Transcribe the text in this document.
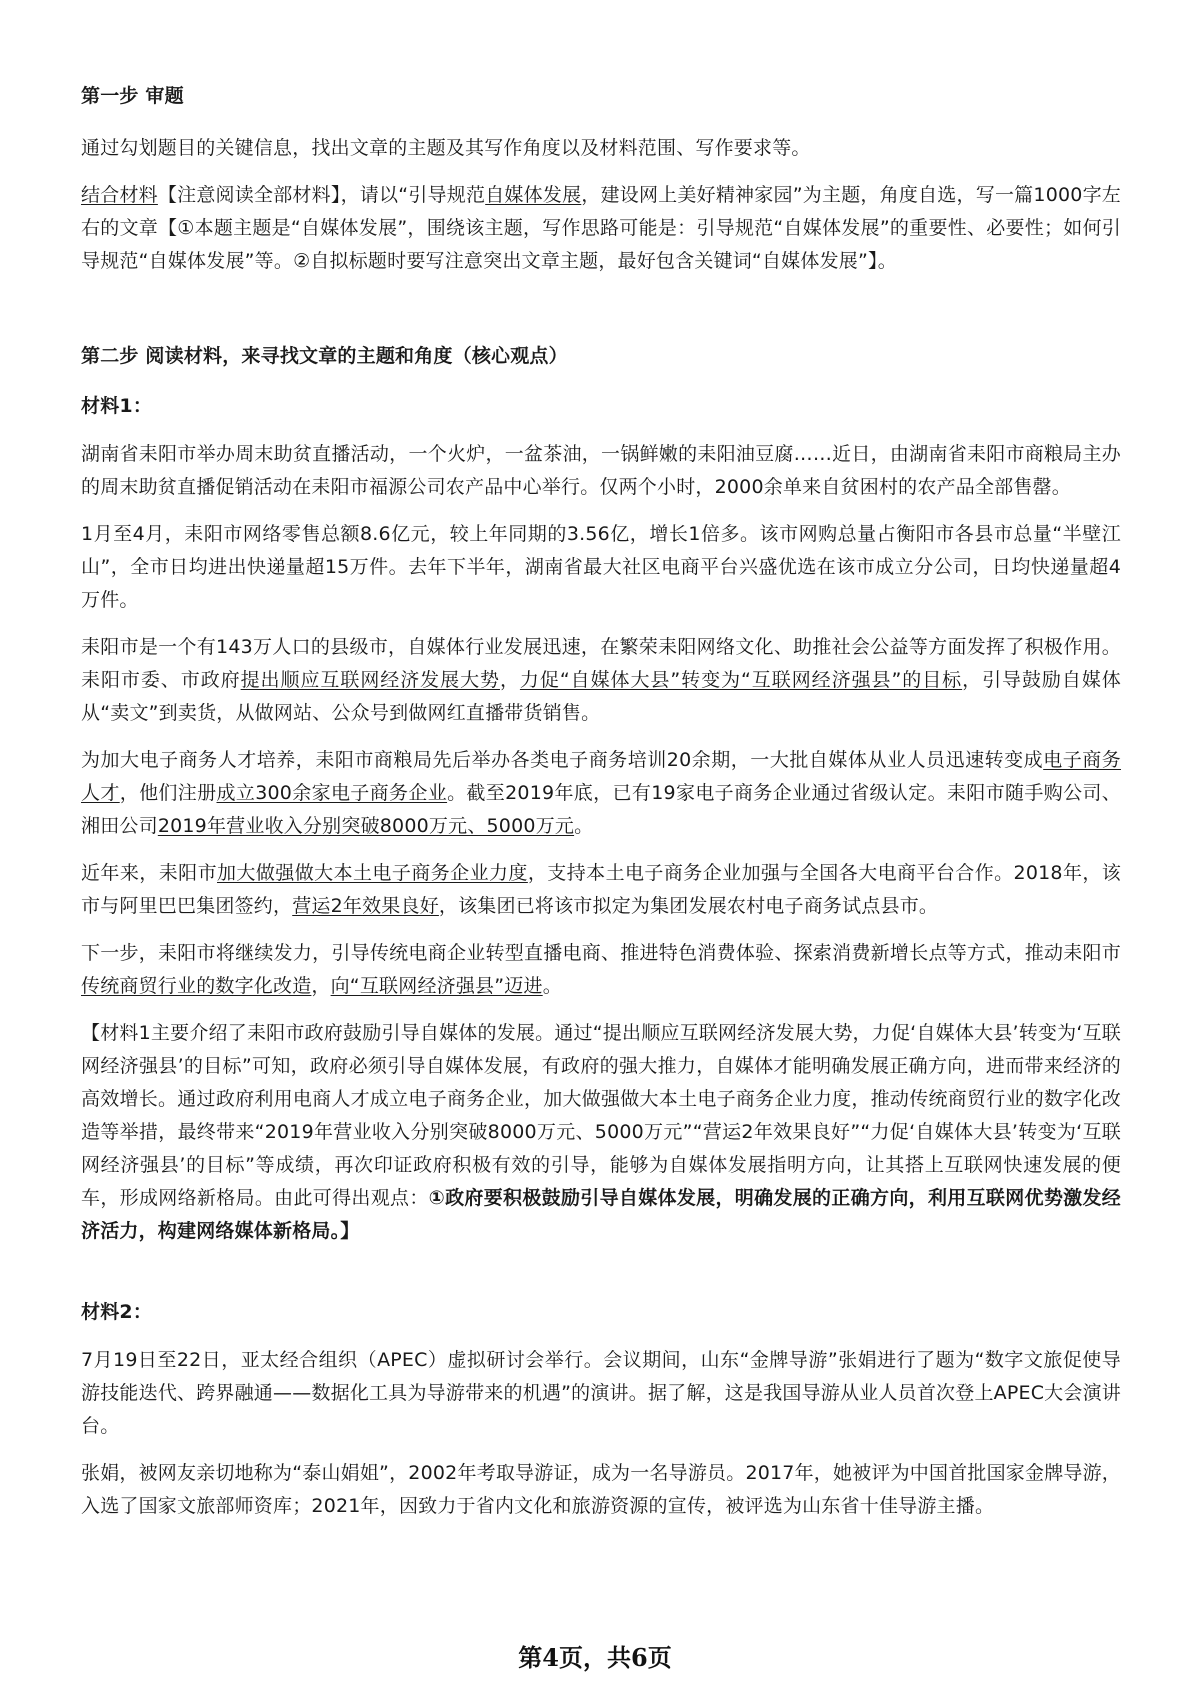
第一步 审题

通过勾划题目的关键信息，找出文章的主题及其写作角度以及材料范围、写作要求等。

结合材料【注意阅读全部材料】，请以“引导规范自媒体发展，建设网上美好精神家园”为主题，角度自选，写一篇1000字左右的文章【①本题主题是“自媒体发展”，围绕该主题，写作思路可能是：引导规范“自媒体发展”的重要性、必要性；如何引导规范“自媒体发展”等。②自拟标题时要写注意突出文章主题，最好包含关键词“自媒体发展”】。

第二步 阅读材料，来寻找文章的主题和角度（核心观点）

材料1：

湖南省耒阳市举办周末助贫直播活动，一个火炉，一盆茶油，一锅鲜嫩的耒阳油豆腐……近日，由湖南省耒阳市商粮局主办的周末助贫直播促销活动在耒阳市福源公司农产品中心举行。仅两个小时，2000余单来自贫困村的农产品全部售罄。

1月至4月，耒阳市网络零售总额8.6亿元，较上年同期的3.56亿，增长1倍多。该市网购总量占衡阳市各县市总量“半壁江山”，全市日均进出快递量超15万件。去年下半年，湖南省最大社区电商平台兴盛优选在该市成立分公司，日均快递量超4万件。

耒阳市是一个有143万人口的县级市，自媒体行业发展迅速，在繁荣耒阳网络文化、助推社会公益等方面发挥了积极作用。耒阳市委、市政府提出顺应互联网经济发展大势，力促“自媒体大县”转变为“互联网经济强县”的目标，引导鼓励自媒体从“卖文”到卖货，从做网站、公众号到做网红直播带货销售。

为加大电子商务人才培养，耒阳市商粮局先后举办各类电子商务培训20余期，一大批自媒体从业人员迅速转变成电子商务人才，他们注册成立300余家电子商务企业。截至2019年底，已有19家电子商务企业通过省级认定。耒阳市随手购公司、湘田公司2019年营业收入分别突破8000万元、5000万元。

近年来，耒阳市加大做强做大本土电子商务企业力度，支持本土电子商务企业加强与全国各大电商平台合作。2018年，该市与阿里巴巴集团签约，营运2年效果良好，该集团已将该市拟定为集团发展农村电子商务试点县市。

下一步，耒阳市将继续发力，引导传统电商企业转型直播电商、推进特色消费体验、探索消费新增长点等方式，推动耒阳市传统商贸行业的数字化改造，向“互联网经济强县”迈进。

【材料1主要介绍了耒阳市政府鼓励引导自媒体的发展。通过“提出顺应互联网经济发展大势，力促‘自媒体大县’转变为‘互联网经济强县’的目标”可知，政府必须引导自媒体发展，有政府的强大推力，自媒体才能明确发展正确方向，进而带来经济的高效增长。通过政府利用电商人才成立电子商务企业，加大做强做大本土电子商务企业力度，推动传统商贸行业的数字化改造等举措，最终带来“2019年营业收入分别突破8000万元、5000万元”“营运2年效果良好”“力促‘自媒体大县’转变为‘互联网经济强县’的目标”等成绩，再次印证政府积极有效的引导，能够为自媒体发展指明方向，让其搭上互联网快速发展的便车，形成网络新格局。由此可得出观点：①政府要积极鼓励引导自媒体发展，明确发展的正确方向，利用互联网优势激发经济活力，构建网络媒体新格局。】

材料2：

7月19日至22日，亚太经合组织（APEC）虚拟研讨会举行。会议期间，山东“金牌导游”张娟进行了题为“数字文旅促使导游技能迭代、跨界融通——数据化工具为导游带来的机遇”的演讲。据了解，这是我国导游从业人员首次登上APEC大会演讲台。

张娟，被网友亲切地称为“泰山娟姐”，2002年考取导游证，成为一名导游员。2017年，她被评为中国首批国家金牌导游，入选了国家文旅部师资库；2021年，因致力于省内文化和旅游资源的宣传，被评选为山东省十佳导游主播。

第4页，共6页
